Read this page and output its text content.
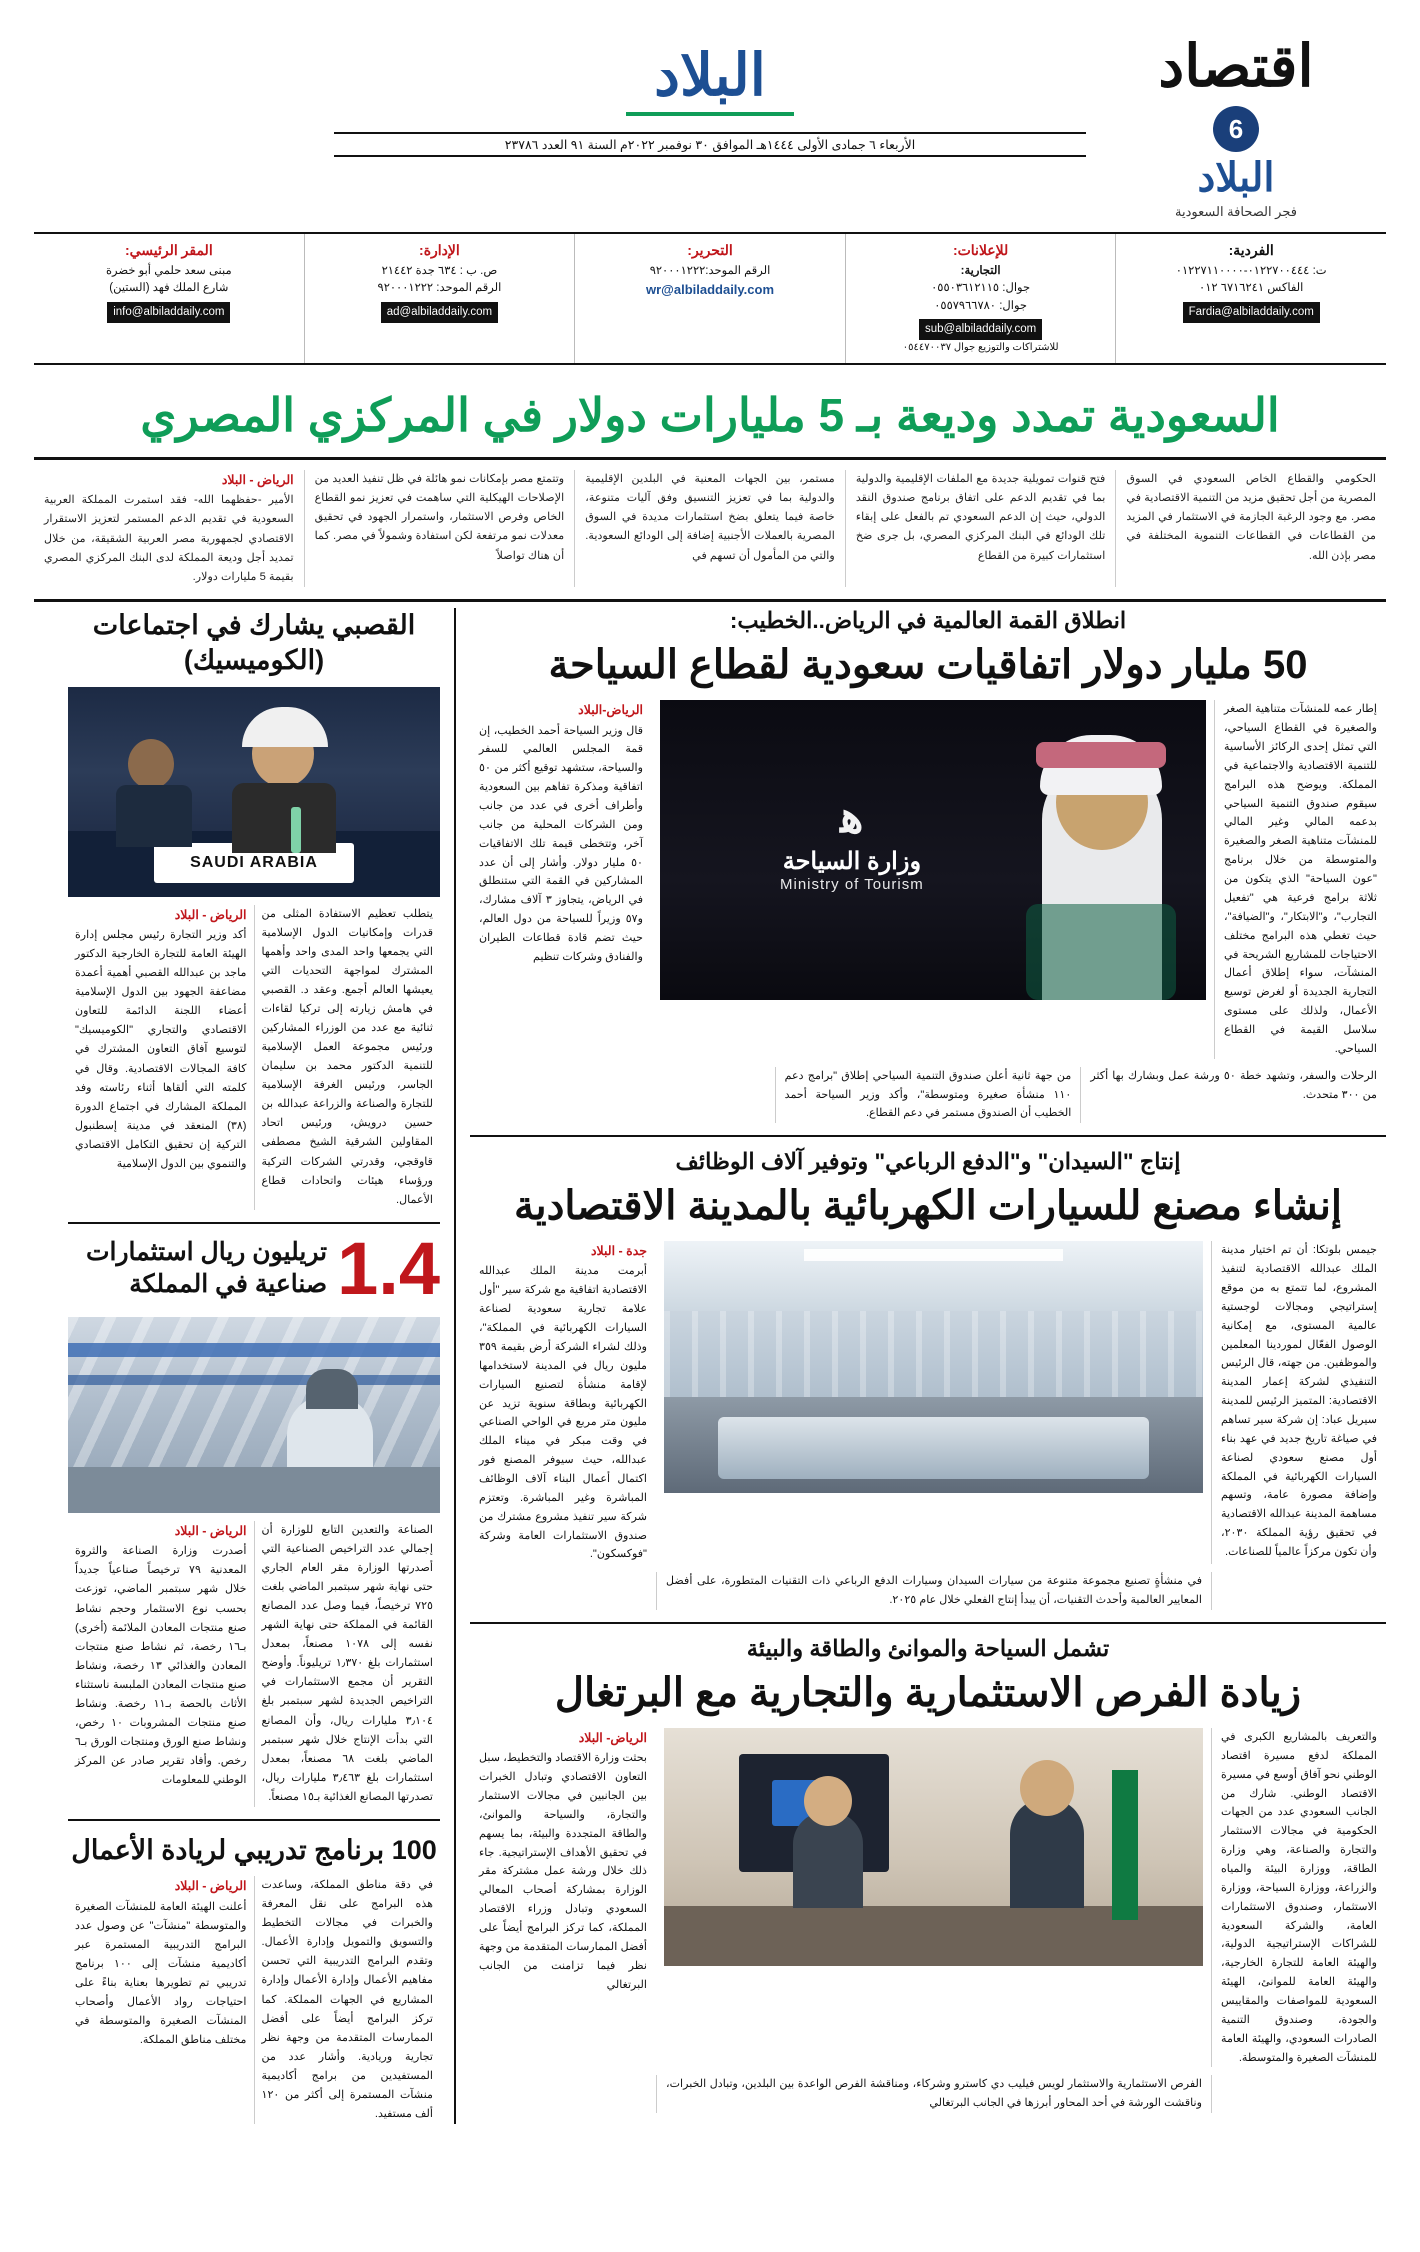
اقتصاد
6
البلاد
فجر الصحافة السعودية
البلاد
الأربعاء ٦ جمادى الأولى ١٤٤٤هـ الموافق ٣٠ نوفمبر ٢٠٢٢م السنة ٩١ العدد ٢٣٧٨٦
الفردية:
ت: ٠١٢٢٧٠٠٤٤٤-٠١٢٢٧١١٠٠٠٠
الفاكس ٦٧١٦٢٤١ ٠١٢
Fardia@albiladdaily.com
للإعلانات:
التجارية:
جوال: ٠٥٥٠٣٦١٢١١٥
جوال: ٠٥٥٧٩٦٦٧٨٠
sub@albiladdaily.com
للاشتراكات والتوزيع جوال ٠٥٤٤٧٠٠٣٧
التحرير:
الرقم الموحد:٩٢٠٠٠١٢٢٢
wr@albiladdaily.com
الإدارة:
ص. ب : ٦٣٤ جدة ٢١٤٤٢
الرقم الموحد: ٩٢٠٠٠١٢٢٢
ad@albiladdaily.com
المقر الرئيسي:
مبنى سعد حلمي أبو خضرة
شارع الملك فهد (الستين)
info@albiladdaily.com
السعودية تمدد وديعة بـ 5 مليارات دولار في المركزي المصري
الحكومي والقطاع الخاص السعودي في السوق المصرية من أجل تحقيق مزيد من التنمية الاقتصادية في مصر. مع وجود الرغبة الجازمة في الاستثمار في المزيد من القطاعات في القطاعات التنموية المختلفة في مصر بإذن الله.
فتح قنوات تمويلية جديدة مع الملفات الإقليمية والدولية بما في تقديم الدعم على اتفاق برنامج صندوق النقد الدولي، حيث إن الدعم السعودي تم بالفعل على إبقاء تلك الودائع في البنك المركزي المصري، بل جرى ضخ استثمارات كبيرة من القطاع
مستمر، بين الجهات المعنية في البلدين الإقليمية والدولية بما في تعزيز التنسيق وفق آليات متنوعة، خاصة فيما يتعلق بضخ استثمارات مديدة في السوق المصرية بالعملات الأجنبية إضافة إلى الودائع السعودية. والتي من المأمول أن تسهم في
وتتمتع مصر بإمكانات نمو هائلة في ظل تنفيذ العديد من الإصلاحات الهيكلية التي ساهمت في تعزيز نمو القطاع الخاص وفرص الاستثمار، واستمرار الجهود في تحقيق معدلات نمو مرتفعة لكن استفادة وشمولاً في مصر. كما أن هناك تواصلاً
الرياض - البلاد
الأمير -حفظهما الله- فقد استمرت المملكة العربية السعودية في تقديم الدعم المستمر لتعزيز الاستقرار الاقتصادي لجمهورية مصر العربية الشقيقة، من خلال تمديد أجل وديعة المملكة لدى البنك المركزي المصري بقيمة 5 مليارات دولار.
انطلاق القمة العالمية في الرياض..الخطيب:
50 مليار دولار اتفاقيات سعودية لقطاع السياحة
إطار عمه للمنشآت متناهية الصغر والصغيرة في القطاع السياحي، التي تمثل إحدى الركائز الأساسية للتنمية الاقتصادية والاجتماعية في المملكة. ويوضح هذه البرامج سيقوم صندوق التنمية السياحي بدعمه المالي وغير المالي للمنشآت متناهية الصغر والصغيرة والمتوسطة من خلال برنامج "عون السياحة" الذي يتكون من ثلاثة برامج فرعية هي "تفعيل التجارب"، و"الابتكار"، و"الضيافة"، حيث تغطي هذه البرامج مختلف الاحتياجات للمشاريع الشريحة في المنشآت، سواء إطلاق أعمال التجارية الجديدة أو لغرض توسيع الأعمال، ولذلك على مستوى سلاسل القيمة في القطاع السياحي.
ﮬ
وزارة السياحة
Ministry of Tourism
الرياض-البلاد
قال وزير السياحة أحمد الخطيب، إن قمة المجلس العالمي للسفر والسياحة، ستشهد توقيع أكثر من ٥٠ اتفاقية ومذكرة تفاهم بين السعودية وأطراف أخرى في عدد من جانب ومن الشركات المحلية من جانب آخر، وتتخطى قيمة تلك الاتفاقيات ٥٠ مليار دولار. وأشار إلى أن عدد المشاركين في القمة التي ستنطلق في الرياض، يتجاوز ٣ آلاف مشارك، و٥٧ وزيراً للسياحة من دول العالم، حيث تضم قادة قطاعات الطيران والفنادق وشركات تنظيم
الرحلات والسفر، وتشهد خطة ٥٠ ورشة عمل وبشارك بها أكثر من ٣٠٠ متحدث.
من جهة ثانية أعلن صندوق التنمية السياحي إطلاق "برامج دعم ١١٠ منشأة صغيرة ومتوسطة"، وأكد وزير السياحة أحمد الخطيب أن الصندوق مستمر في دعم القطاع.
إنتاج "السيدان" و"الدفع الرباعي" وتوفير آلاف الوظائف
إنشاء مصنع للسيارات الكهربائية بالمدينة الاقتصادية
جيمس بلوتكا: أن تم اختيار مدينة الملك عبدالله الاقتصادية لتنفيذ المشروع، لما تتمتع به من موقع إستراتيجي ومجالات لوجستية عالمية المستوى، مع إمكانية الوصول الفعّال لموردينا المعلمين والموظفين. من جهته، قال الرئيس التنفيذي لشركة إعمار المدينة الاقتصادية: المتميز الرئيس للمدينة سيريل عباد: إن شركة سير تساهم في صياغة تاريخ جديد في عهد بناء أول مصنع سعودي لصناعة السيارات الكهربائية في المملكة وإضافة مصورة عامة، وتسهم مساهمة المدينة عبدالله الاقتصادية في تحقيق رؤية المملكة ٢٠٣٠، وأن تكون مركزاً عالمياً للصناعات.
جدة - البلاد
أبرمت مدينة الملك عبدالله الاقتصادية اتفاقية مع شركة سير "أول علامة تجارية سعودية لصناعة السيارات الكهربائية في المملكة"، وذلك لشراء الشركة أرض بقيمة ٣٥٩ مليون ريال في المدينة لاستخدامها لإقامة منشأة لتصنيع السيارات الكهربائية وبطاقة سنوية تزيد عن مليون متر مربع في الواحي الصناعي في وقت مبكر في ميناء الملك عبدالله، حيث سيوفر المصنع فور اكتمال أعمال البناء آلاف الوظائف المباشرة وغير المباشرة. وتعتزم شركة سير تنفيذ مشروع مشترك من صندوق الاستثمارات العامة وشركة "فوكسكون".
في منشأةٍ تصنيع مجموعة متنوعة من سيارات السيدان وسيارات الدفع الرباعي ذات التقنيات المتطورة، على أفضل المعايير العالمية وأحدث التقنيات، أن يبدأ إنتاج الفعلي خلال عام ٢٠٢٥.
تشمل السياحة والموانئ والطاقة والبيئة
زيادة الفرص الاستثمارية والتجارية مع البرتغال
والتعريف بالمشاريع الكبرى في المملكة لدفع مسيرة اقتصاد الوطني نحو آفاق أوسع في مسيرة الاقتصاد الوطني. شارك من الجانب السعودي عدد من الجهات الحكومية في مجالات الاستثمار والتجارة والصناعة، وهي وزارة الطاقة، ووزارة البيئة والمياه والزراعة، ووزارة السياحة، ووزارة الاستثمار، وصندوق الاستثمارات العامة، والشركة السعودية للشراكات الإستراتيجية الدولية، والهيئة العامة للتجارة الخارجية، والهيئة العامة للموانئ، الهيئة السعودية للمواصفات والمقاييس والجودة، وصندوق التنمية الصادرات السعودي، والهيئة العامة للمنشآت الصغيرة والمتوسطة.
الرياض- البلاد
بحثت وزارة الاقتصاد والتخطيط، سبل التعاون الاقتصادي وتبادل الخبرات بين الجانبين في مجالات الاستثمار والتجارة، والسياحة والموانئ، والطاقة المتجددة والبيئة، بما يسهم في تحقيق الأهداف الإستراتيجية. جاء ذلك خلال ورشة عمل مشتركة مقر الوزارة بمشاركة أصحاب المعالي السعودي وتبادل وزراء الاقتصاد المملكة، كما تركز البرامج أيضاً على أفضل الممارسات المتقدمة من وجهة نظر فيما تزامنت من الجانب البرتغالي
الفرص الاستثمارية والاستثمار لويس فيليب دي كاسترو وشركاء، ومناقشة الفرص الواعدة بين البلدين، وتبادل الخبرات، وناقشت الورشة في أحد المحاور أبرزها في الجانب البرتغالي
القصبي يشارك في اجتماعات (الكوميسيك)
SAUDI ARABIA
يتطلب تعظيم الاستفادة المثلى من قدرات وإمكانيات الدول الإسلامية التي يجمعها واحد المدى واحد وأهمها المشترك لمواجهة التحديات التي يعيشها العالم أجمع. وعقد د. القصبي في هامش زيارته إلى تركيا لقاءات ثنائية مع عدد من الوزراء المشاركين ورئيس مجموعة العمل الإسلامية للتنمية الدكتور محمد بن سليمان الجاسر، ورئيس الغرفة الإسلامية للتجارة والصناعة والزراعة عبدالله بن حسين درويش، ورئيس اتحاد المقاولين الشرقية الشيخ مصطفى قاوقجي، وقدرتي الشركات التركية ورؤساء هيئات واتحادات قطاع الأعمال.
الرياض - البلاد
أكد وزير التجارة رئيس مجلس إدارة الهيئة العامة للتجارة الخارجية الدكتور ماجد بن عبدالله القصبي أهمية أعمدة مضاعفة الجهود بين الدول الإسلامية أعضاء اللجنة الدائمة للتعاون الاقتصادي والتجاري "الكوميسيك" لتوسيع آفاق التعاون المشترك في كافة المجالات الاقتصادية. وقال في كلمته التي ألقاها أثناء رئاسته وفد المملكة المشارك في اجتماع الدورة (٣٨) المنعقد في مدينة إسطنبول التركية إن تحقيق التكامل الاقتصادي والتنموي بين الدول الإسلامية
1.4
تريليون ريال استثمارات صناعية في المملكة
الصناعة والتعدين التابع للوزارة أن إجمالي عدد التراخيص الصناعية التي أصدرتها الوزارة مقر العام الجاري حتى نهاية شهر سبتمبر الماضي بلغت ٧٢٥ ترخيصاً، فيما وصل عدد المصانع القائمة في المملكة حتى نهاية الشهر نفسه إلى ١٠٧٨ مصنعاً، بمعدل استثمارات بلغ ١٫٣٧٠ تريليوناً. وأوضح التقرير أن مجمع الاستثمارات في التراخيص الجديدة لشهر سبتمبر بلغ ٣٫١٠٤ مليارات ريال، وأن المصانع التي بدأت الإنتاج خلال شهر سبتمبر الماضي بلغت ٦٨ مصنعاً، بمعدل استثمارات بلغ ٣٫٤٦٣ مليارات ريال، تصدرتها المصانع الغذائية بـ١٥ مصنعاً.
الرياض - البلاد
أصدرت وزارة الصناعة والثروة المعدنية ٧٩ ترخيصاً صناعياً جديداً خلال شهر سبتمبر الماضي، توزعت بحسب نوع الاستثمار وحجم نشاط صنع منتجات المعادن الملائمة (أخرى) بـ١٦ رخصة، ثم نشاط صنع منتجات المعادن والغذائي ١٣ رخصة، ونشاط صنع منتجات المعادن الملبسة ناستثناء الأثاث بالحصة بـ١١ رخصة. ونشاط صنع منتجات المشروبات ١٠ رخص، ونشاط صنع الورق ومنتجات الورق بـ٦ رخص. وأفاد تقرير صادر عن المركز الوطني للمعلومات
100 برنامج تدريبي لريادة الأعمال
في دقة مناطق المملكة، وساعدت هذه البرامج على نقل المعرفة والخبرات في مجالات التخطيط والتسويق والتمويل وإدارة الأعمال. وتقدم البرامج التدريبية التي تحسن مفاهيم الأعمال وإدارة الأعمال وإدارة المشاريع في الجهات المملكة. كما تركز البرامج أيضاً على أفضل الممارسات المتقدمة من وجهة نظر تجارية وريادية. وأشار عدد من المستفيدين من برامج أكاديمية منشآت المستمرة إلى أكثر من ١٢٠ ألف مستفيد.
الرياض - البلاد
أعلنت الهيئة العامة للمنشآت الصغيرة والمتوسطة "منشآت" عن وصول عدد البرامج التدريبية المستمرة عبر أكاديمية منشآت إلى ١٠٠ برنامج تدريبي تم تطويرها بعناية بناءً على احتياجات رواد الأعمال وأصحاب المنشآت الصغيرة والمتوسطة في مختلف مناطق المملكة.
